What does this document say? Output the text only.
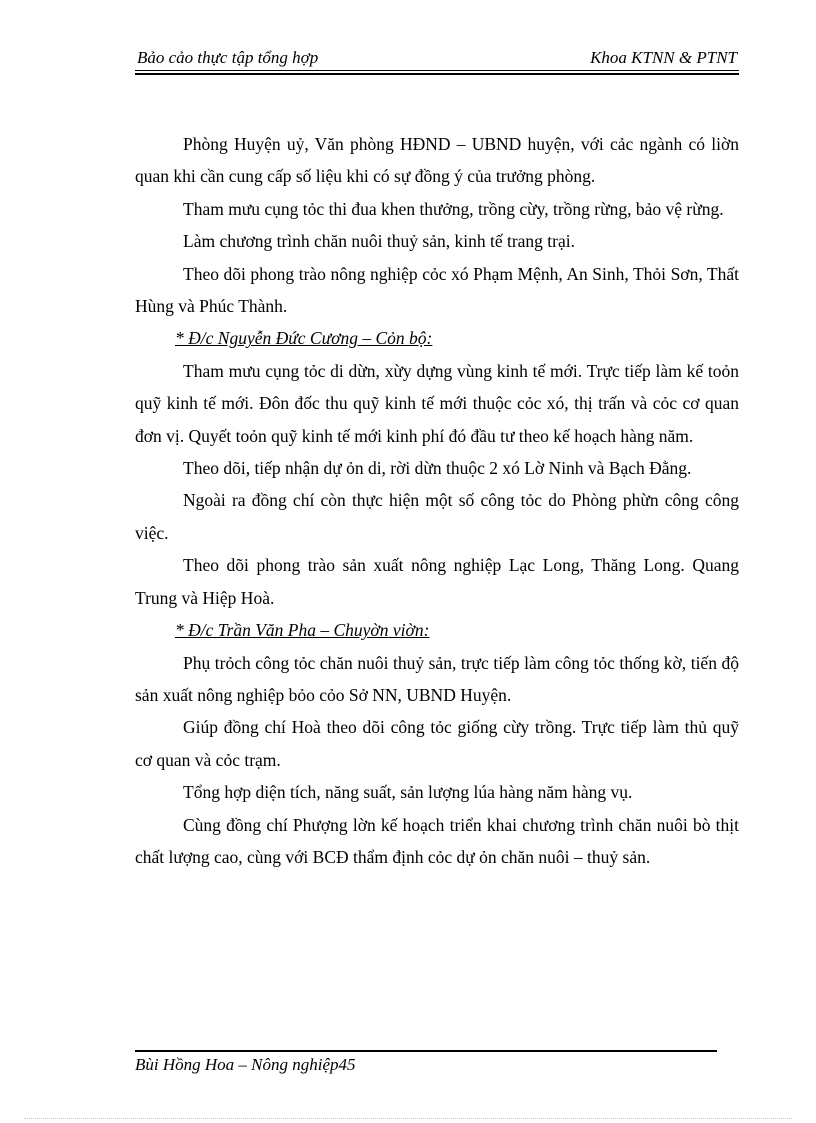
Bảo cảo thực tập tổng hợp	Khoa KTNN & PTNT

Phòng Huyện uỷ, Văn phòng HĐND – UBND huyện, với cảc ngành có liờn quan khi cần cung cấp số liệu khi có sự đồng ý của trưởng phòng.

Tham mưu cụng tỏc thi đua khen thưởng, trồng cừy, trồng rừng, bảo vệ rừng.

Làm chương trình chăn nuôi thuỷ sản, kinh tế trang trại.

Theo dõi phong trào nông nghiệp cỏc xó Phạm Mệnh, An Sinh, Thỏi Sơn, Thất Hùng và Phúc Thành.

* Đ/c Nguyễn Đức Cương – Cỏn bộ:

Tham mưu cụng tỏc di dừn, xừy dựng vùng kinh tế mới. Trực tiếp làm kế toỏn quỹ kinh tế mới. Đôn đốc thu quỹ kinh tế mới thuộc cỏc xó, thị trấn và cỏc cơ quan đơn vị. Quyết toỏn quỹ kinh tế mới kinh phí đó đầu tư theo kế hoạch hàng năm.

Theo dõi, tiếp nhận dự ỏn di, rời dừn thuộc 2 xó Lờ Ninh và Bạch Đằng.

Ngoài ra đồng chí còn thực hiện một số công tỏc do Phòng phừn công công việc.

Theo dõi phong trào sản xuất nông nghiệp Lạc Long, Thăng Long. Quang Trung và Hiệp Hoà.

* Đ/c Trần Văn Pha – Chuyờn viờn:

Phụ trỏch công tỏc chăn nuôi thuỷ sản, trực tiếp làm công tỏc thống kờ, tiến độ sản xuất nông nghiệp bỏo cỏo Sở NN, UBND Huyện.

Giúp đồng chí Hoà theo dõi công tỏc giống cừy trồng. Trực tiếp làm thủ quỹ cơ quan và cỏc trạm.

Tổng hợp diện tích, năng suất, sản lượng lúa hàng năm hàng vụ.

Cùng đồng chí Phượng lờn kế hoạch triển khai chương trình chăn nuôi bò thịt chất lượng cao, cùng với BCĐ thẩm định cỏc dự ỏn chăn nuôi – thuỷ sản.

Bùi Hồng Hoa – Nông nghiệp45
